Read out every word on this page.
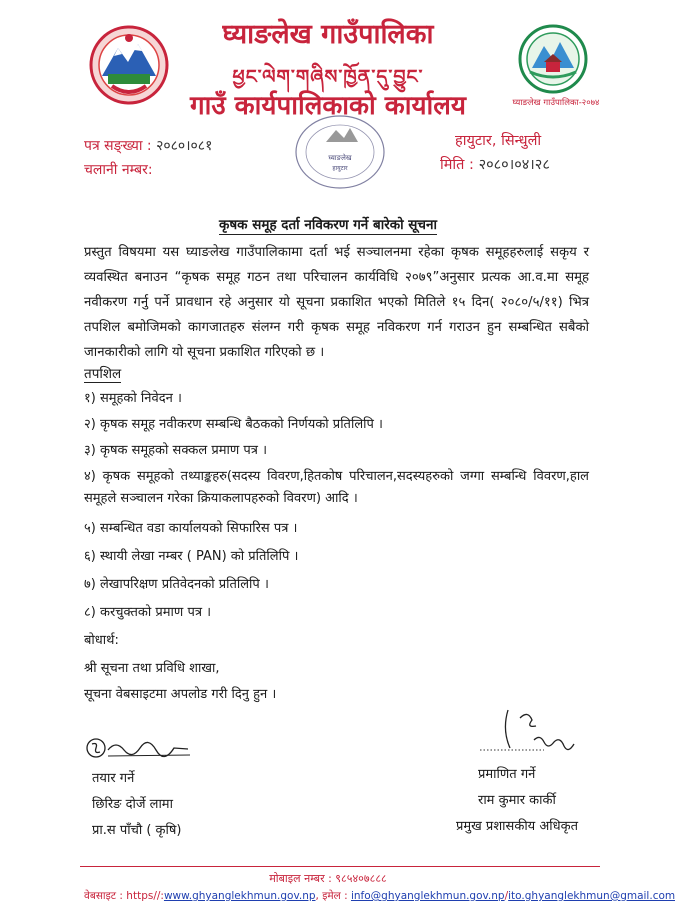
घ्याङलेख गाउँपालिका-२०७४
घ्याङलेख गाउँपालिका
ཕྱང་ལེག་གཞིས་ཁྱོན་དུ་བྱུང་
गाउँ कार्यपालिकाको कार्यालय
पत्र सङ्ख्या : २०८०।०८१
चलानी नम्बर:
घ्याङलेख
हायुटार
हायुटार, सिन्धुली
मिति : २०८०।०४।२८
कृषक समूह दर्ता नविकरण गर्ने बारेको सूचना
प्रस्तुत विषयमा यस घ्याङलेख गाउँपालिकामा दर्ता भई सञ्चालनमा रहेका कृषक समूहहरुलाई सकृय र व्यवस्थित बनाउन “कृषक समूह गठन तथा परिचालन कार्यविधि २०७९”अनुसार प्रत्यक आ.व.मा समूह नवीकरण गर्नु पर्ने प्रावधान रहे अनुसार यो सूचना प्रकाशित भएको मितिले १५ दिन( २०८०/५/११) भित्र तपशिल बमोजिमको कागजातहरु संलग्न गरी कृषक समूह नविकरण गर्न गराउन हुन सम्बन्धित सबैको जानकारीको लागि यो सूचना प्रकाशित गरिएको छ ।
तपशिल
१) समूहको निवेदन ।
२) कृषक समूह नवीकरण सम्बन्धि बैठकको निर्णयको प्रतिलिपि ।
३) कृषक समूहको सक्कल प्रमाण पत्र ।
४) कृषक समूहको तथ्याङ्कहरु(सदस्य विवरण,हितकोष परिचालन,सदस्यहरुको जग्गा सम्बन्धि विवरण,हाल समूहले सञ्चालन गरेका क्रियाकलापहरुको विवरण) आदि ।
५) सम्बन्धित वडा कार्यालयको सिफारिस पत्र ।
६) स्थायी लेखा नम्बर ( PAN) को प्रतिलिपि ।
७) लेखापरिक्षण प्रतिवेदनको प्रतिलिपि ।
८) करचुक्तको प्रमाण पत्र ।
बोधार्थ:
श्री सूचना तथा प्रविधि शाखा,
सूचना वेबसाइटमा अपलोड गरी दिनु हुन ।
तयार गर्ने
छिरिङ दोर्जे लामा
प्रा.स पाँचौ ( कृषि)
प्रमाणित गर्ने
राम कुमार कार्की
प्रमुख प्रशासकीय अधिकृत
मोबाइल नम्बर : ९८५४०७८८८
वेबसाइट : https//:www.ghyanglekhmun.gov.np, इमेल : info@ghyanglekhmun.gov.np/ito.ghyanglekhmun@gmail.com
